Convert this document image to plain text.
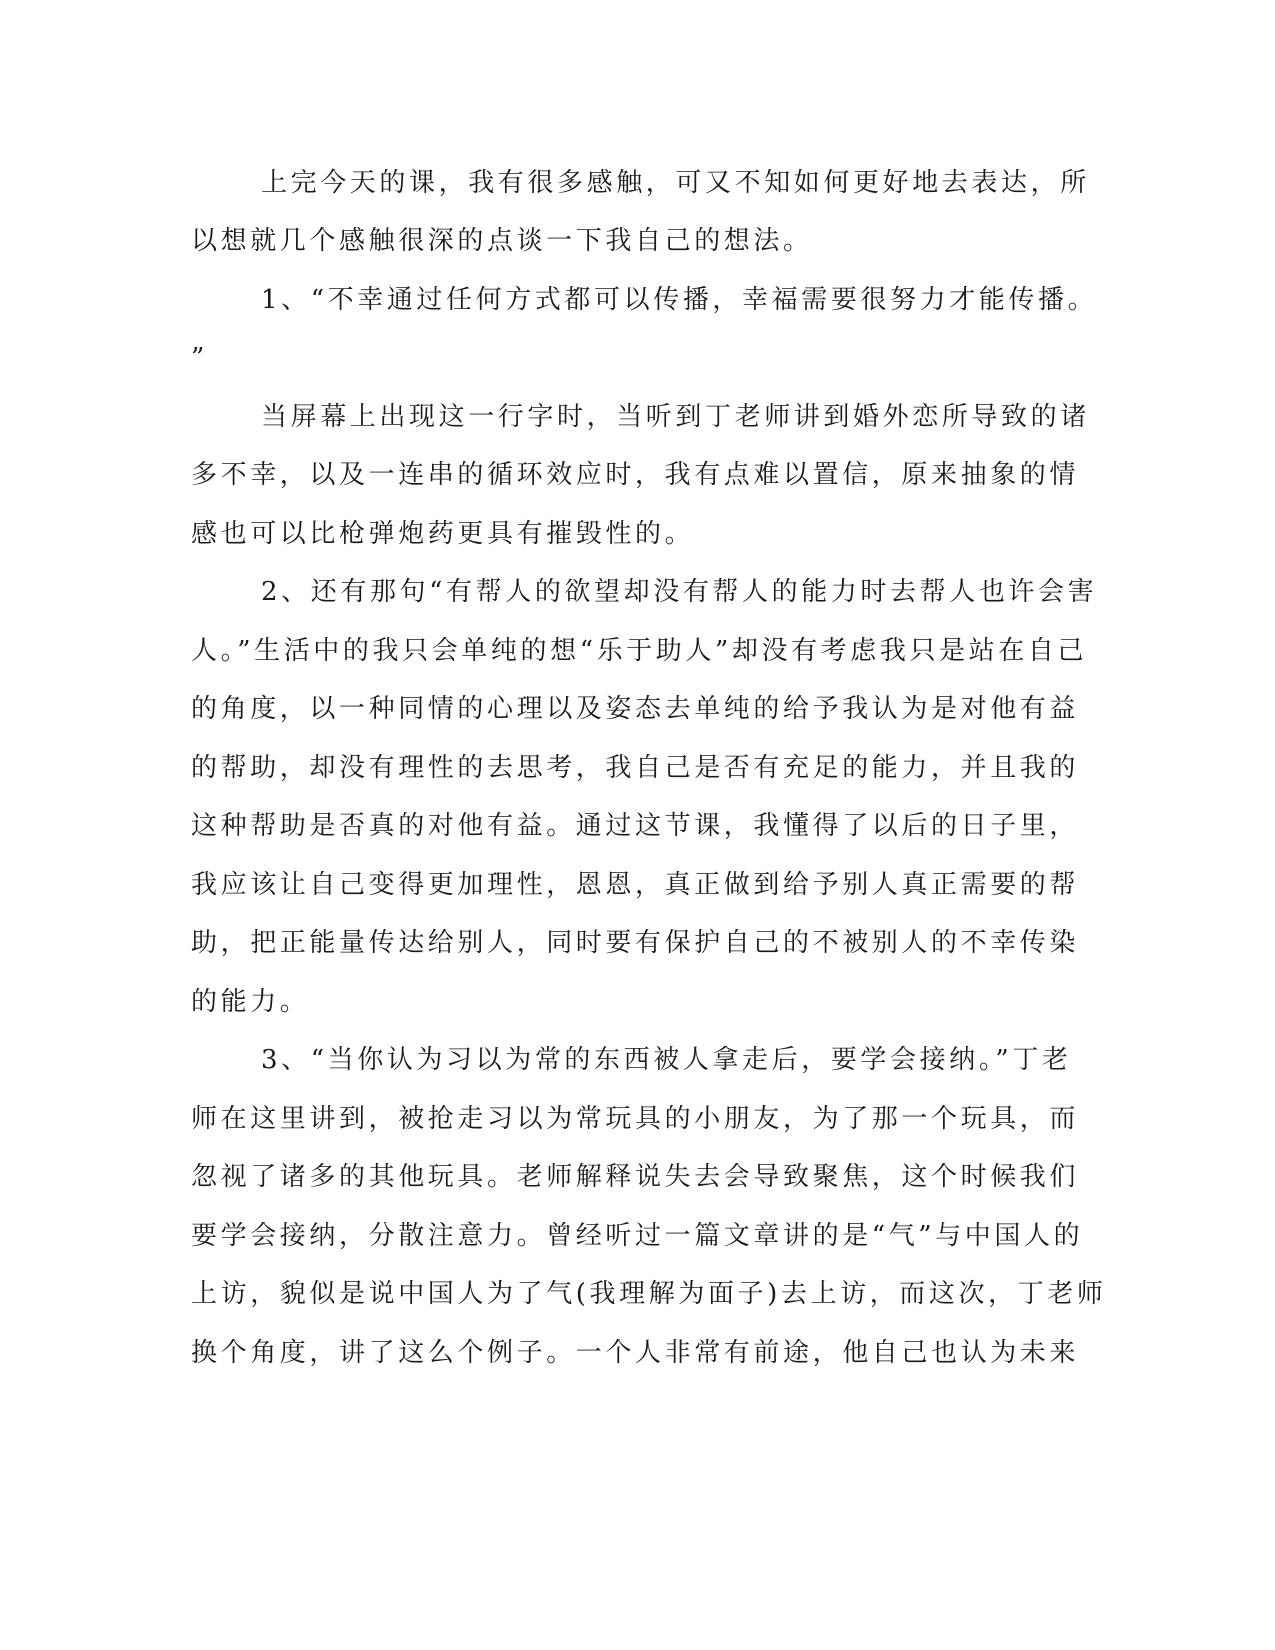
上完今天的课，我有很多感触，可又不知如何更好地去表达，所
以想就几个感触很深的点谈一下我自己的想法。
1、“不幸通过任何方式都可以传播，幸福需要很努力才能传播。
”
当屏幕上出现这一行字时，当听到丁老师讲到婚外恋所导致的诸
多不幸，以及一连串的循环效应时，我有点难以置信，原来抽象的情
感也可以比枪弹炮药更具有摧毁性的。
2、还有那句“有帮人的欲望却没有帮人的能力时去帮人也许会害
人。”生活中的我只会单纯的想“乐于助人”却没有考虑我只是站在自己
的角度，以一种同情的心理以及姿态去单纯的给予我认为是对他有益
的帮助，却没有理性的去思考，我自己是否有充足的能力，并且我的
这种帮助是否真的对他有益。通过这节课，我懂得了以后的日子里，
我应该让自己变得更加理性，恩恩，真正做到给予别人真正需要的帮
助，把正能量传达给别人，同时要有保护自己的不被别人的不幸传染
的能力。
3、“当你认为习以为常的东西被人拿走后，要学会接纳。”丁老
师在这里讲到，被抢走习以为常玩具的小朋友，为了那一个玩具，而
忽视了诸多的其他玩具。老师解释说失去会导致聚焦，这个时候我们
要学会接纳，分散注意力。曾经听过一篇文章讲的是“气”与中国人的
上访，貌似是说中国人为了气(我理解为面子)去上访，而这次，丁老师
换个角度，讲了这么个例子。一个人非常有前途，他自己也认为未来
